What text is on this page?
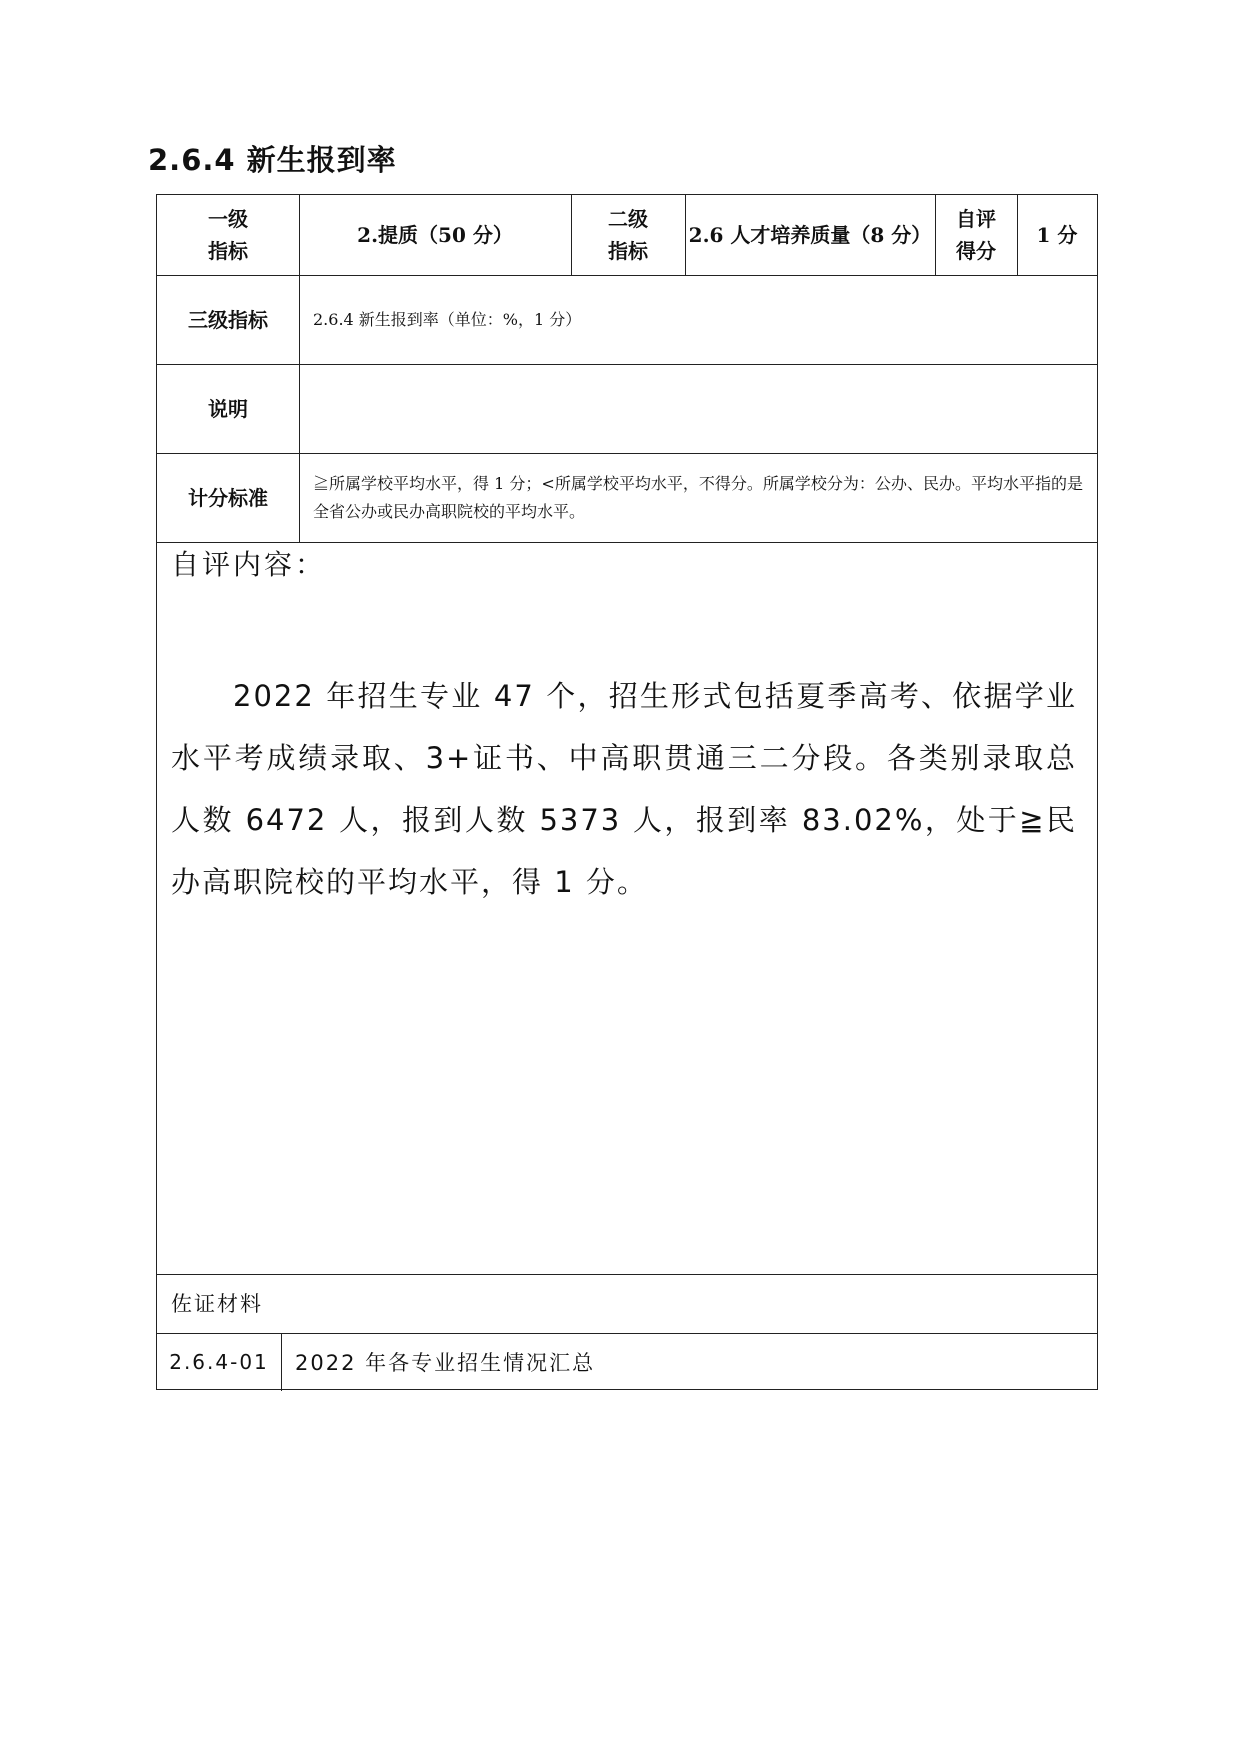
2.6.4 新生报到率
一级
指标
2.提质（50 分）
二级
指标
2.6 人才培养质量（8 分）
自评
得分
1 分
三级指标	2.6.4 新生报到率（单位：%，1 分）
说明
计分标准
≧所属学校平均水平，得 1 分；<所属学校平均水平，不得分。所属学校分为：公办、民办。平均水平指的是全省公办或民办高职院校的平均水平。
自评内容：
2022 年招生专业 47 个，招生形式包括夏季高考、依据学业水平考成绩录取、3+证书、中高职贯通三二分段。各类别录取总人数 6472 人，报到人数 5373 人，报到率 83.02%，处于≧民办高职院校的平均水平，得 1 分。
佐证材料
2.6.4-01	2022 年各专业招生情况汇总
